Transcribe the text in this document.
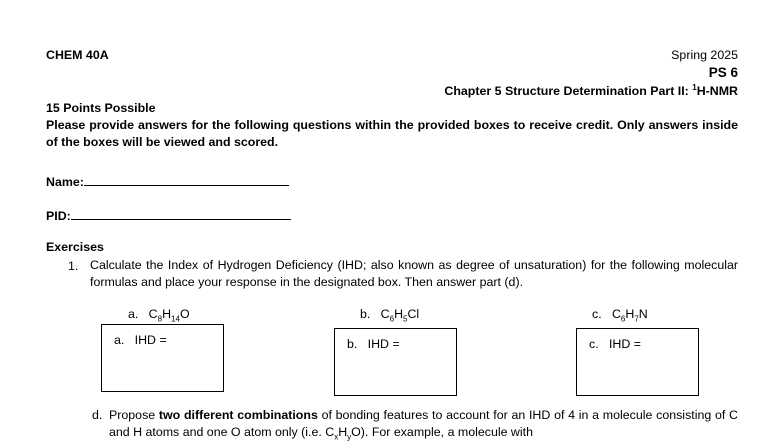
CHEM 40A	Spring 2025
PS 6
Chapter 5 Structure Determination Part II: $^1$H-NMR
15 Points Possible
Please provide answers for the following questions within the provided boxes to receive credit. Only answers inside of the boxes will be viewed and scored.
Name:
PID:
Exercises
1. Calculate the Index of Hydrogen Deficiency (IHD; also known as degree of unsaturation) for the following molecular formulas and place your response in the designated box. Then answer part (d).
a. $C_8H_{14}O$	b. $C_6H_5Cl$	c. $C_6H_7N$
a.   IHD =	b.   IHD =	c.   IHD =
d. Propose two different combinations of bonding features to account for an IHD of 4 in a molecule consisting of C and H atoms and one O atom only (i.e. $C_xH_yO$). For example, a molecule with
